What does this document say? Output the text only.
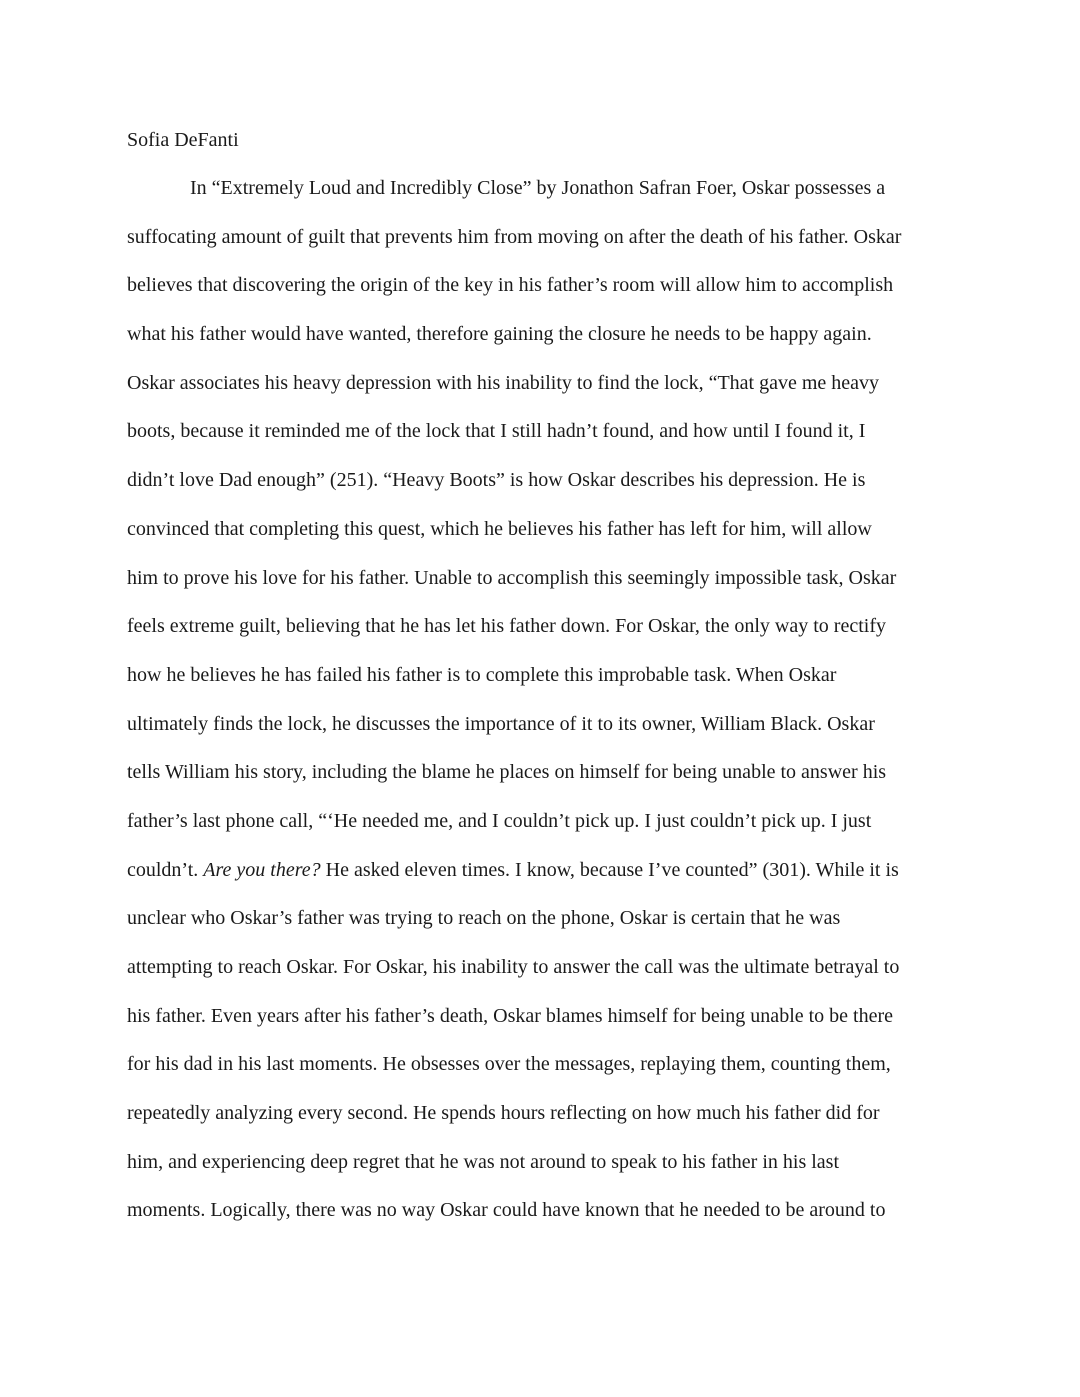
Sofia DeFanti
In “Extremely Loud and Incredibly Close” by Jonathon Safran Foer, Oskar possesses a
suffocating amount of guilt that prevents him from moving on after the death of his father. Oskar
believes that discovering the origin of the key in his father’s room will allow him to accomplish
what his father would have wanted, therefore gaining the closure he needs to be happy again.
Oskar associates his heavy depression with his inability to find the lock, “That gave me heavy
boots, because it reminded me of the lock that I still hadn’t found, and how until I found it, I
didn’t love Dad enough” (251). “Heavy Boots” is how Oskar describes his depression. He is
convinced that completing this quest, which he believes his father has left for him, will allow
him to prove his love for his father. Unable to accomplish this seemingly impossible task, Oskar
feels extreme guilt, believing that he has let his father down. For Oskar, the only way to rectify
how he believes he has failed his father is to complete this improbable task. When Oskar
ultimately finds the lock, he discusses the importance of it to its owner, William Black. Oskar
tells William his story, including the blame he places on himself for being unable to answer his
father’s last phone call, “‘He needed me, and I couldn’t pick up. I just couldn’t pick up. I just
couldn’t. Are you there? He asked eleven times. I know, because I’ve counted” (301). While it is
unclear who Oskar’s father was trying to reach on the phone, Oskar is certain that he was
attempting to reach Oskar. For Oskar, his inability to answer the call was the ultimate betrayal to
his father. Even years after his father’s death, Oskar blames himself for being unable to be there
for his dad in his last moments. He obsesses over the messages, replaying them, counting them,
repeatedly analyzing every second. He spends hours reflecting on how much his father did for
him, and experiencing deep regret that he was not around to speak to his father in his last
moments. Logically, there was no way Oskar could have known that he needed to be around to
